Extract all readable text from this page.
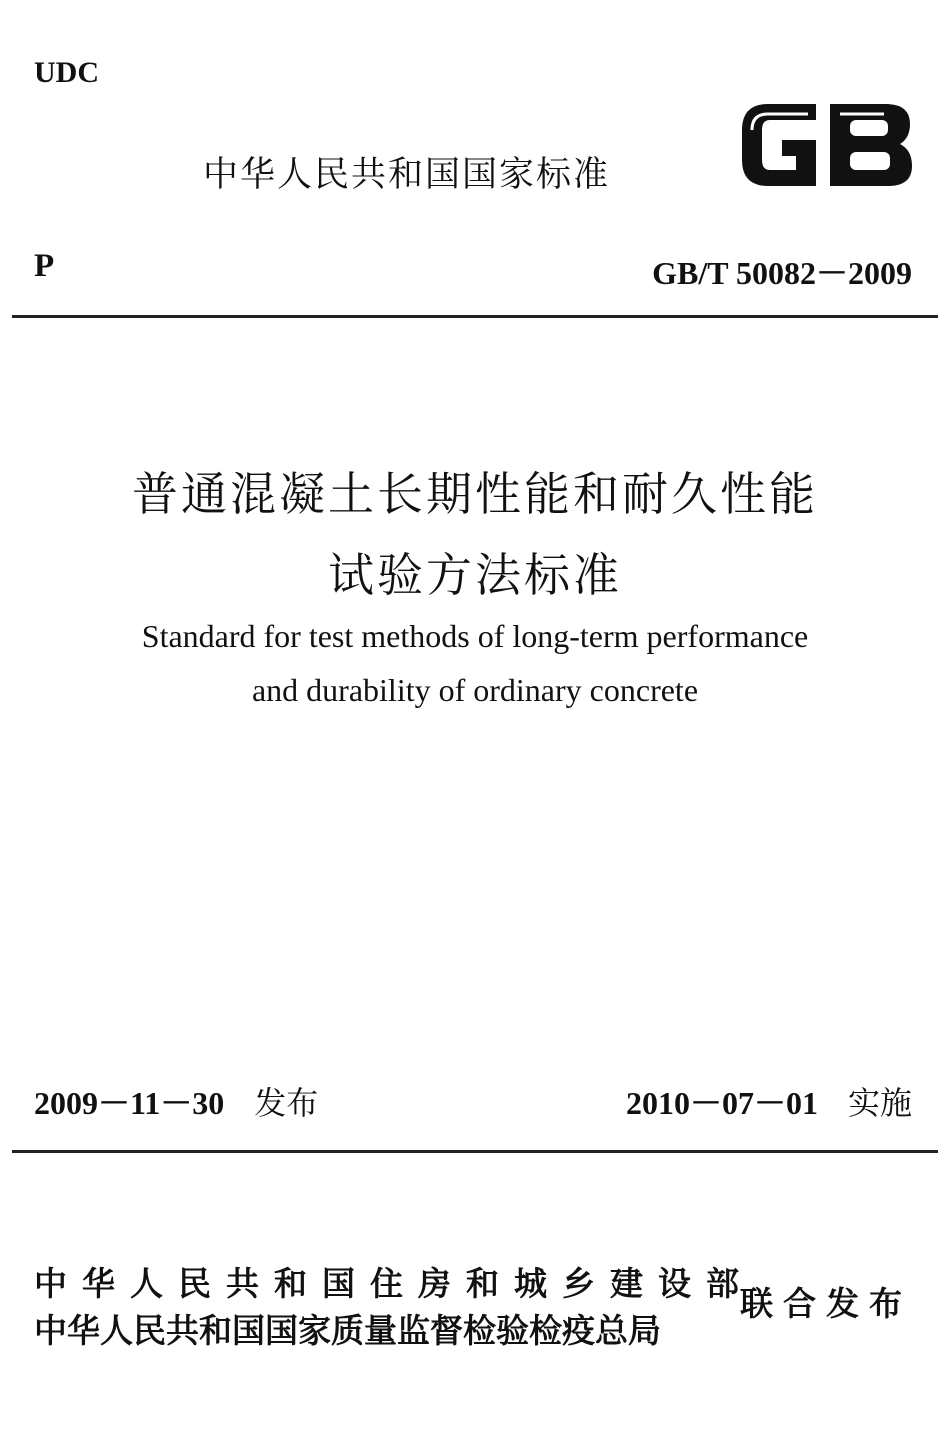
UDC
中华人民共和国国家标准
P	GB/T 50082－2009
普通混凝土长期性能和耐久性能
试验方法标准
Standard for test methods of long-term performance
and durability of ordinary concrete
2009－11－30 发布	2010－07－01 实施
中华人民共和国住房和城乡建设部
中华人民共和国国家质量监督检验检疫总局
联合发布
